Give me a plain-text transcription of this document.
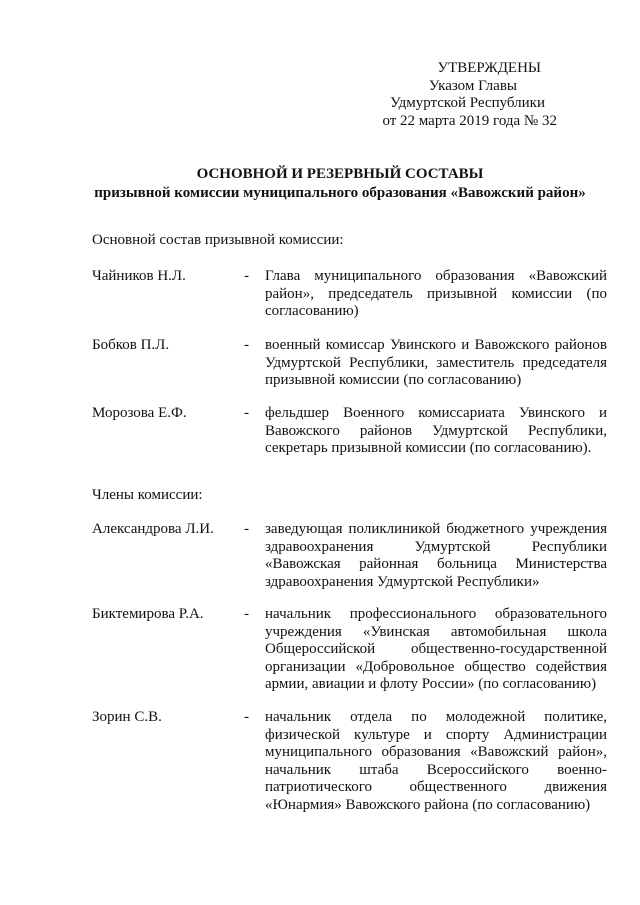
УТВЕРЖДЕНЫ
Указом Главы
Удмуртской Республики
от 22 марта 2019 года № 32
ОСНОВНОЙ И РЕЗЕРВНЫЙ СОСТАВЫ
призывной комиссии муниципального образования «Вавожский район»
Основной состав призывной комиссии:
Чайников Н.Л.	- Глава муниципального образования «Вавожский район», председатель призывной комиссии (по согласованию)
Бобков П.Л.	- военный комиссар Увинского и Вавожского районов Удмуртской Республики, заместитель председателя призывной комиссии (по согласованию)
Морозова Е.Ф.	- фельдшер Военного комиссариата Увинского и Вавожского районов Удмуртской Республики, секретарь призывной комиссии (по согласованию).
Члены комиссии:
Александрова Л.И. - заведующая поликлиникой бюджетного учреждения здравоохранения Удмуртской Республики «Вавожская районная больница Министерства здравоохранения Удмуртской Республики»
Биктемирова Р.А.	- начальник профессионального образовательного учреждения «Увинская автомобильная школа Общероссийской общественно-государственной организации «Добровольное общество содействия армии, авиации и флоту России» (по согласованию)
Зорин С.В.	- начальник отдела по молодежной политике, физической культуре и спорту Администрации муниципального образования «Вавожский район», начальник штаба Всероссийского военно-патриотического общественного движения «Юнармия» Вавожского района (по согласованию)
